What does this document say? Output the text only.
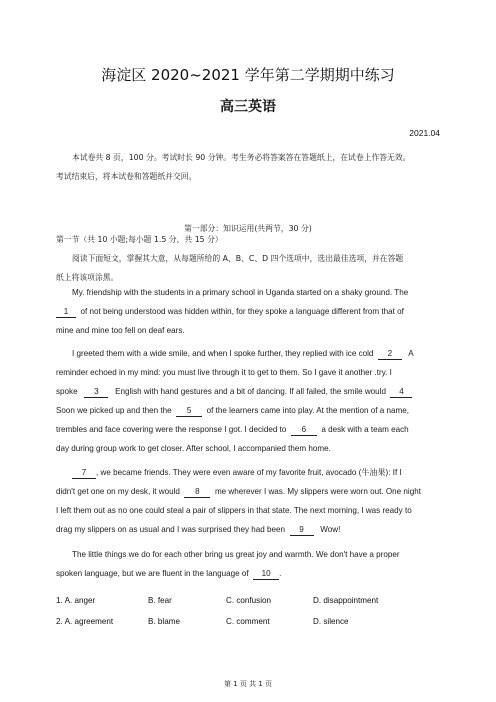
海淀区 2020~2021 学年第二学期期中练习
高三英语
2021.04
本试卷共 8 页，100 分。考试时长 90 分钟。考生务必将答案答在答题纸上，在试卷上作答无效。
考试结束后，将本试卷和答题纸并交回。
第一部分：知识运用(共两节，30 分)
第一节（共 10 小题;每小题 1.5 分，共 15 分）
阅读下面短文，掌握其大意，从每题所给的 A、B、C、D 四个选项中，选出最佳选项，并在答题
纸上将该项涂黑。
My. friendship with the students in a primary school in Uganda started on a shaky ground. The
1 of not being understood was hidden within, for they spoke a language different from that of
mine and mine too fell on deaf ears.
I greeted them with a wide smile, and when I spoke further, they replied with ice cold 2 A
reminder echoed in my mind: you must live through it to get to them. So I gave it another .try. I
spoke 3 English with hand gestures and a bit of dancing. If all failed, the smile would 4
Soon we picked up and then the 5 of the learners came into play. At the mention of a name,
trembles and face covering were the response I got. I decided to 6 a desk with a team each
day during group work to get closer. After school, I accompanied them home.
7 , we became friends. They were even aware of my favorite fruit, avocado (牛油果): If I
didn't get one on my desk, it would 8 me wherever I was. My slippers were worn out. One night
I left them out as no one could steal a pair of slippers in that state. The next morning, I was ready to
drag my slippers on as usual and I was surprised they had been 9 Wow!
The little things we do for each other bring us great joy and warmth. We don't have a proper
spoken language, but we are fluent in the language of 10 .
1. A. anger	B. fear	C. confusion	D. disappointment
2. A. agreement	B. blame	C. comment	D. silence
第 1 页 共 1 页
